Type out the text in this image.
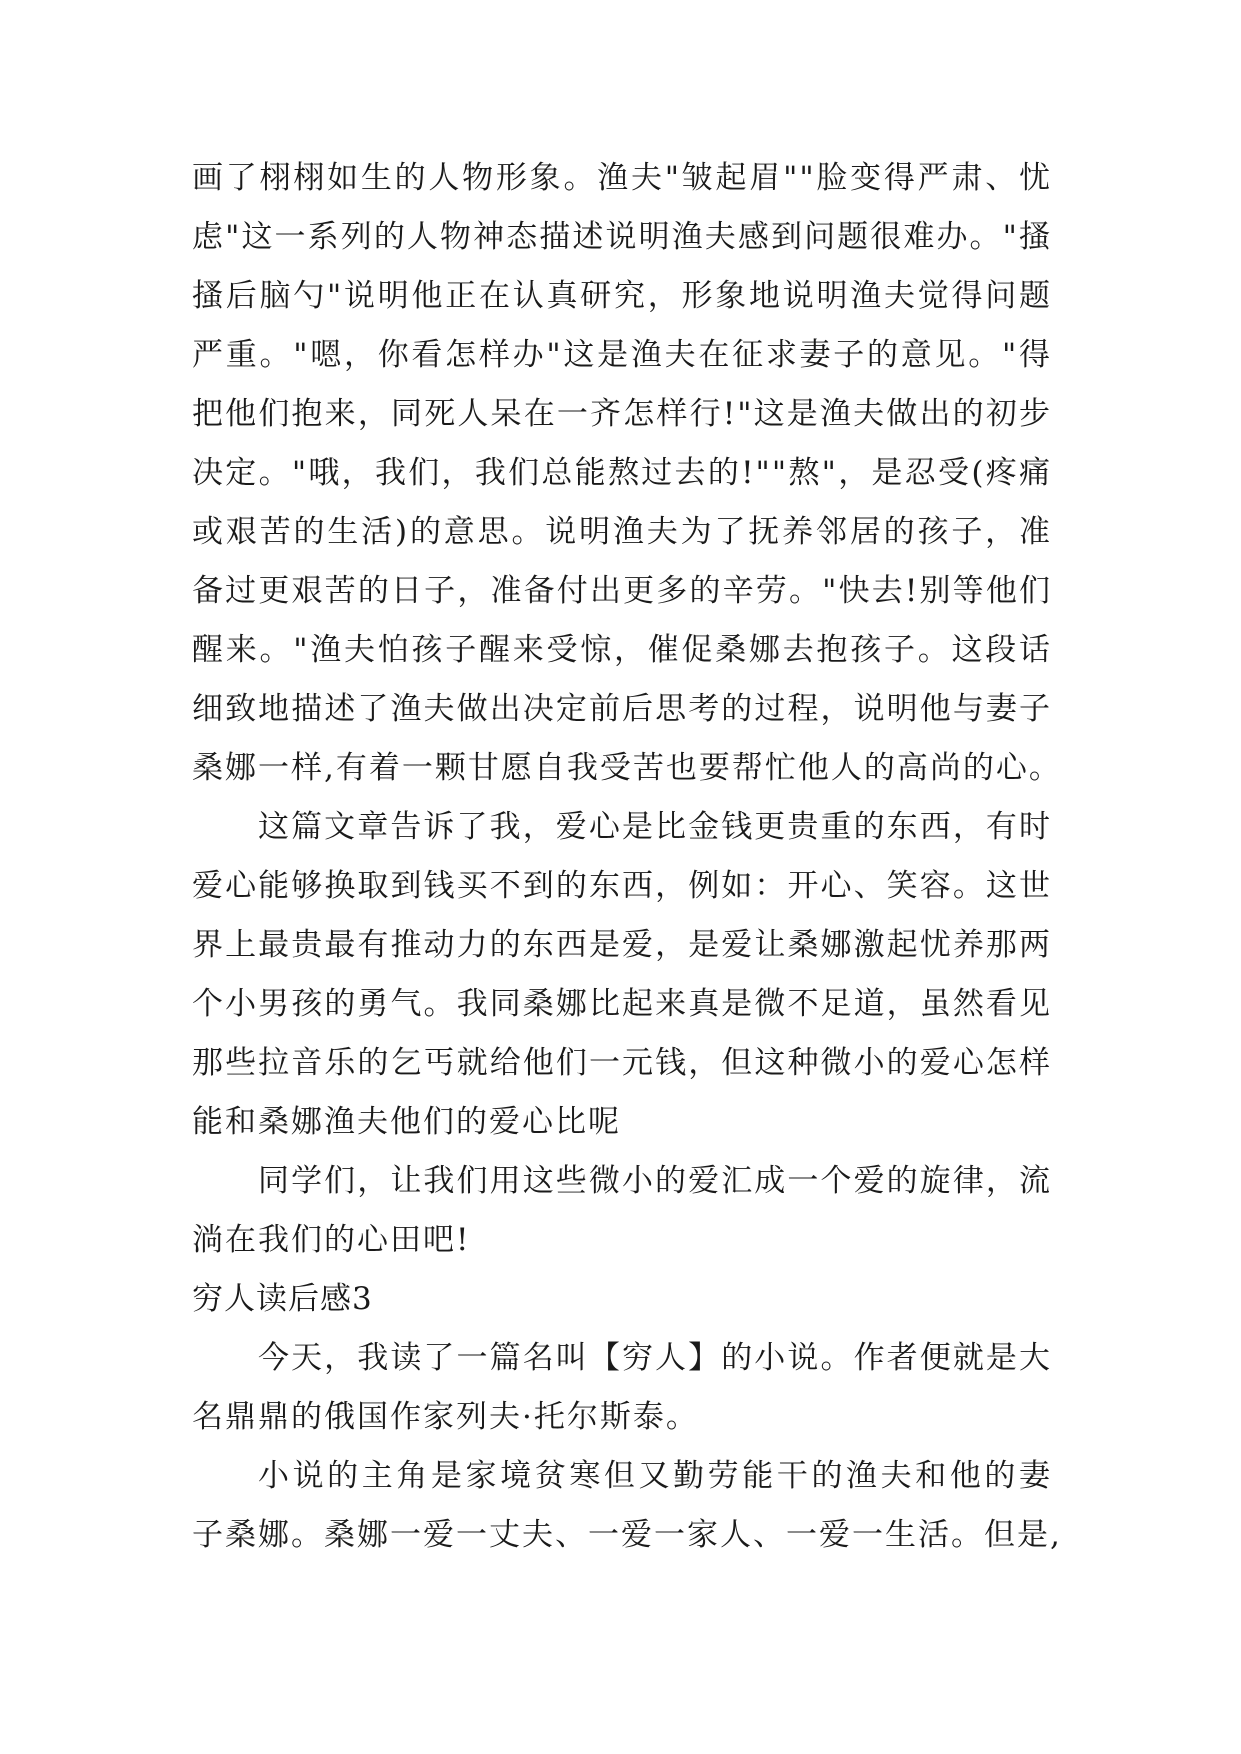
画了栩栩如生的人物形象。渔夫"皱起眉""脸变得严肃、忧
虑"这一系列的人物神态描述说明渔夫感到问题很难办。"搔
搔后脑勺"说明他正在认真研究，形象地说明渔夫觉得问题
严重。"嗯，你看怎样办"这是渔夫在征求妻子的意见。"得
把他们抱来，同死人呆在一齐怎样行!"这是渔夫做出的初步
决定。"哦，我们，我们总能熬过去的!""熬"，是忍受(疼痛
或艰苦的生活)的意思。说明渔夫为了抚养邻居的孩子，准
备过更艰苦的日子，准备付出更多的辛劳。"快去!别等他们
醒来。"渔夫怕孩子醒来受惊，催促桑娜去抱孩子。这段话
细致地描述了渔夫做出决定前后思考的过程，说明他与妻子
桑娜一样,有着一颗甘愿自我受苦也要帮忙他人的高尚的心。
这篇文章告诉了我，爱心是比金钱更贵重的东西，有时
爱心能够换取到钱买不到的东西，例如：开心、笑容。这世
界上最贵最有推动力的东西是爱，是爱让桑娜激起忧养那两
个小男孩的勇气。我同桑娜比起来真是微不足道，虽然看见
那些拉音乐的乞丐就给他们一元钱，但这种微小的爱心怎样
能和桑娜渔夫他们的爱心比呢
同学们，让我们用这些微小的爱汇成一个爱的旋律，流
淌在我们的心田吧!
穷人读后感3
今天，我读了一篇名叫【穷人】的小说。作者便就是大
名鼎鼎的俄国作家列夫·托尔斯泰。
小说的主角是家境贫寒但又勤劳能干的渔夫和他的妻
子桑娜。桑娜一爱一丈夫、一爱一家人、一爱一生活。但是,
